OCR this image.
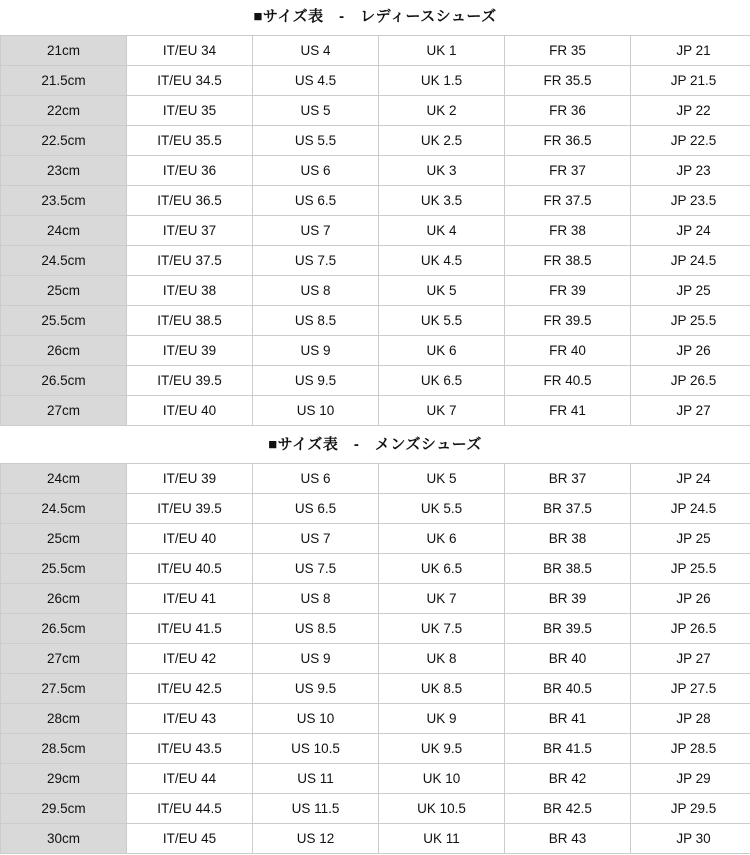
■サイズ表　-　レディースシューズ
21cm	IT/EU 34	US 4	UK 1	FR 35	JP 21
21.5cm	IT/EU 34.5	US 4.5	UK 1.5	FR 35.5	JP 21.5
22cm	IT/EU 35	US 5	UK 2	FR 36	JP 22
22.5cm	IT/EU 35.5	US 5.5	UK 2.5	FR 36.5	JP 22.5
23cm	IT/EU 36	US 6	UK 3	FR 37	JP 23
23.5cm	IT/EU 36.5	US 6.5	UK 3.5	FR 37.5	JP 23.5
24cm	IT/EU 37	US 7	UK 4	FR 38	JP 24
24.5cm	IT/EU 37.5	US 7.5	UK 4.5	FR 38.5	JP 24.5
25cm	IT/EU 38	US 8	UK 5	FR 39	JP 25
25.5cm	IT/EU 38.5	US 8.5	UK 5.5	FR 39.5	JP 25.5
26cm	IT/EU 39	US 9	UK 6	FR 40	JP 26
26.5cm	IT/EU 39.5	US 9.5	UK 6.5	FR 40.5	JP 26.5
27cm	IT/EU 40	US 10	UK 7	FR 41	JP 27
■サイズ表　-　メンズシューズ
24cm	IT/EU 39	US 6	UK 5	BR 37	JP 24
24.5cm	IT/EU 39.5	US 6.5	UK 5.5	BR 37.5	JP 24.5
25cm	IT/EU 40	US 7	UK 6	BR 38	JP 25
25.5cm	IT/EU 40.5	US 7.5	UK 6.5	BR 38.5	JP 25.5
26cm	IT/EU 41	US 8	UK 7	BR 39	JP 26
26.5cm	IT/EU 41.5	US 8.5	UK 7.5	BR 39.5	JP 26.5
27cm	IT/EU 42	US 9	UK 8	BR 40	JP 27
27.5cm	IT/EU 42.5	US 9.5	UK 8.5	BR 40.5	JP 27.5
28cm	IT/EU 43	US 10	UK 9	BR 41	JP 28
28.5cm	IT/EU 43.5	US 10.5	UK 9.5	BR 41.5	JP 28.5
29cm	IT/EU 44	US 11	UK 10	BR 42	JP 29
29.5cm	IT/EU 44.5	US 11.5	UK 10.5	BR 42.5	JP 29.5
30cm	IT/EU 45	US 12	UK 11	BR 43	JP 30
